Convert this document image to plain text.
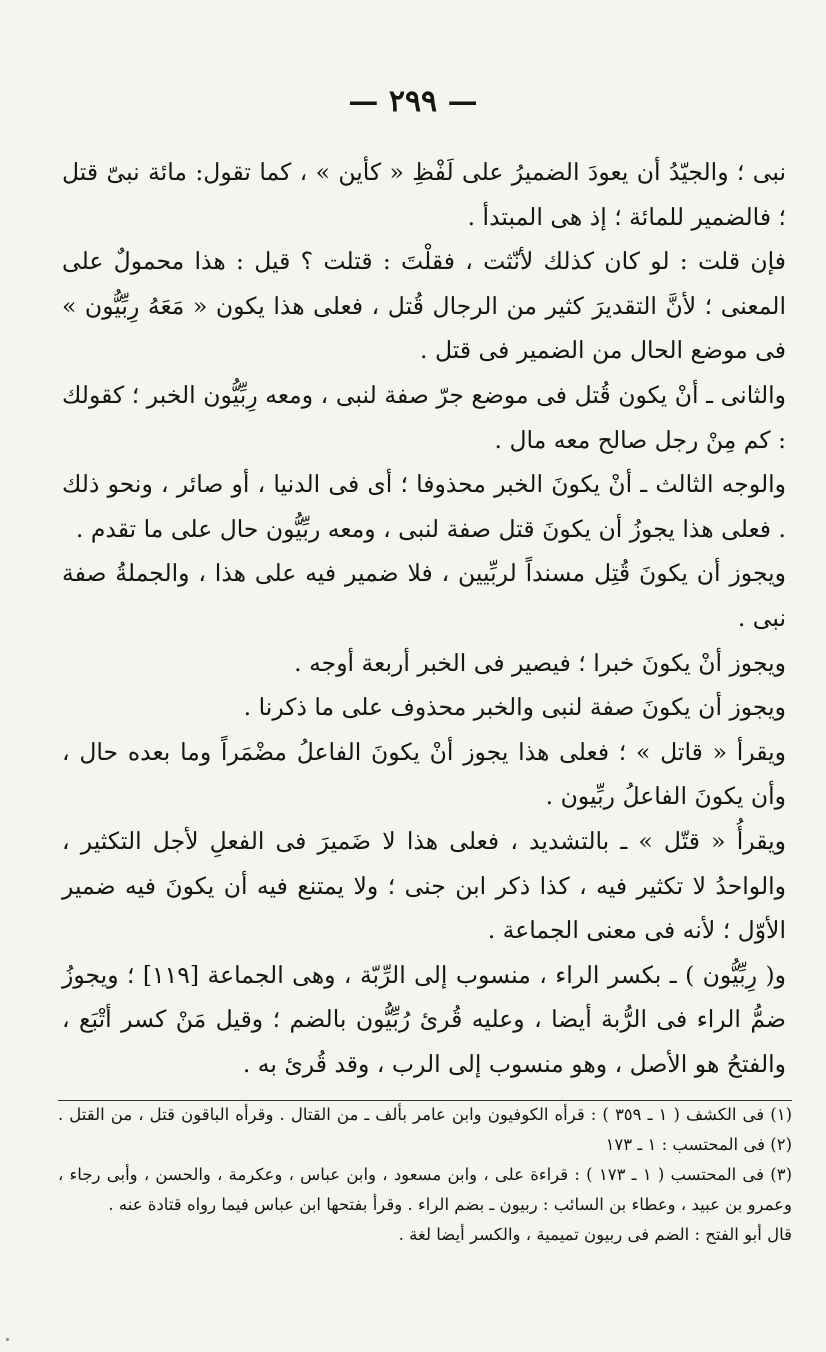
— ٢٩٩ —

نبى ؛ والجيّدُ أن يعودَ الضميرُ على لَفْظِ « كأين » ، كما تقول: مائة نبىّ قتل ؛ فالضمير للمائة ؛ إذ هى المبتدأ .

فإن قلت : لو كان كذلك لأنّثت ، فقلْتَ : قتلت ؟ قيل : هذا محمولٌ على المعنى ؛ لأنَّ التقديرَ كثير من الرجال قُتل ، فعلى هذا يكون « مَعَهُ رِبِّيُّون » فى موضع الحال من الضمير فى قتل .

والثانى ـ أنْ يكون قُتل فى موضع جرّ صفة لنبى ، ومعه رِبِّيُّون الخبر ؛ كقولك : كم مِنْ رجل صالح معه مال .

والوجه الثالث ـ أنْ يكونَ الخبر محذوفا ؛ أى فى الدنيا ، أو صائر ، ونحو ذلك . فعلى هذا يجوزُ أن يكونَ قتل صفة لنبى ، ومعه ربِّيُّون حال على ما تقدم .

ويجوز أن يكونَ قُتِل مسنداً لربِّيين ، فلا ضمير فيه على هذا ، والجملةُ صفة نبى .

ويجوز أنْ يكونَ خبرا ؛ فيصير فى الخبر أربعة أوجه .

ويجوز أن يكونَ صفة لنبى والخبر محذوف على ما ذكرنا .

ويقرأ « قاتل » ؛ فعلى هذا يجوز أنْ يكونَ الفاعلُ مضْمَراً وما بعده حال ، وأن يكونَ الفاعلُ ربِّيون .

ويقرأُ « قتّل » ـ بالتشديد ، فعلى هذا لا ضَميرَ فى الفعلِ لأجل التكثير ، والواحدُ لا تكثير فيه ، كذا ذكر ابن جنى ؛ ولا يمتنع فيه أن يكونَ فيه ضمير الأوّل ؛ لأنه فى معنى الجماعة .

و( رِبِّيُّون ) ـ بكسر الراء ، منسوب إلى الرِّبّة ، وهى الجماعة [١١٩] ؛ ويجوزُ ضمُّ الراء فى الرُّبة أيضا ، وعليه قُرئ رُبِّيُّون بالضم ؛ وقيل مَنْ كسر أتْبَع ، والفتحُ هو الأصل ، وهو منسوب إلى الرب ، وقد قُرئ به .

(١) فى الكشف ( ١ ـ ٣٥٩ ) : قرأه الكوفيون وابن عامر بألف ـ من القتال . وقرأه الباقون قتل ، من القتل . (٢) فى المحتسب : ١ ـ ١٧٣

(٣) فى المحتسب ( ١ ـ ١٧٣ ) : قراءة على ، وابن مسعود ، وابن عباس ، وعكرمة ، والحسن ، وأبى رجاء ، وعمرو بن عبيد ، وعطاء بن السائب : ربيون ـ بضم الراء . وقرأ بفتحها ابن عباس فيما رواه قتادة عنه .

قال أبو الفتح : الضم فى ربيون تميمية ، والكسر أيضا لغة .
